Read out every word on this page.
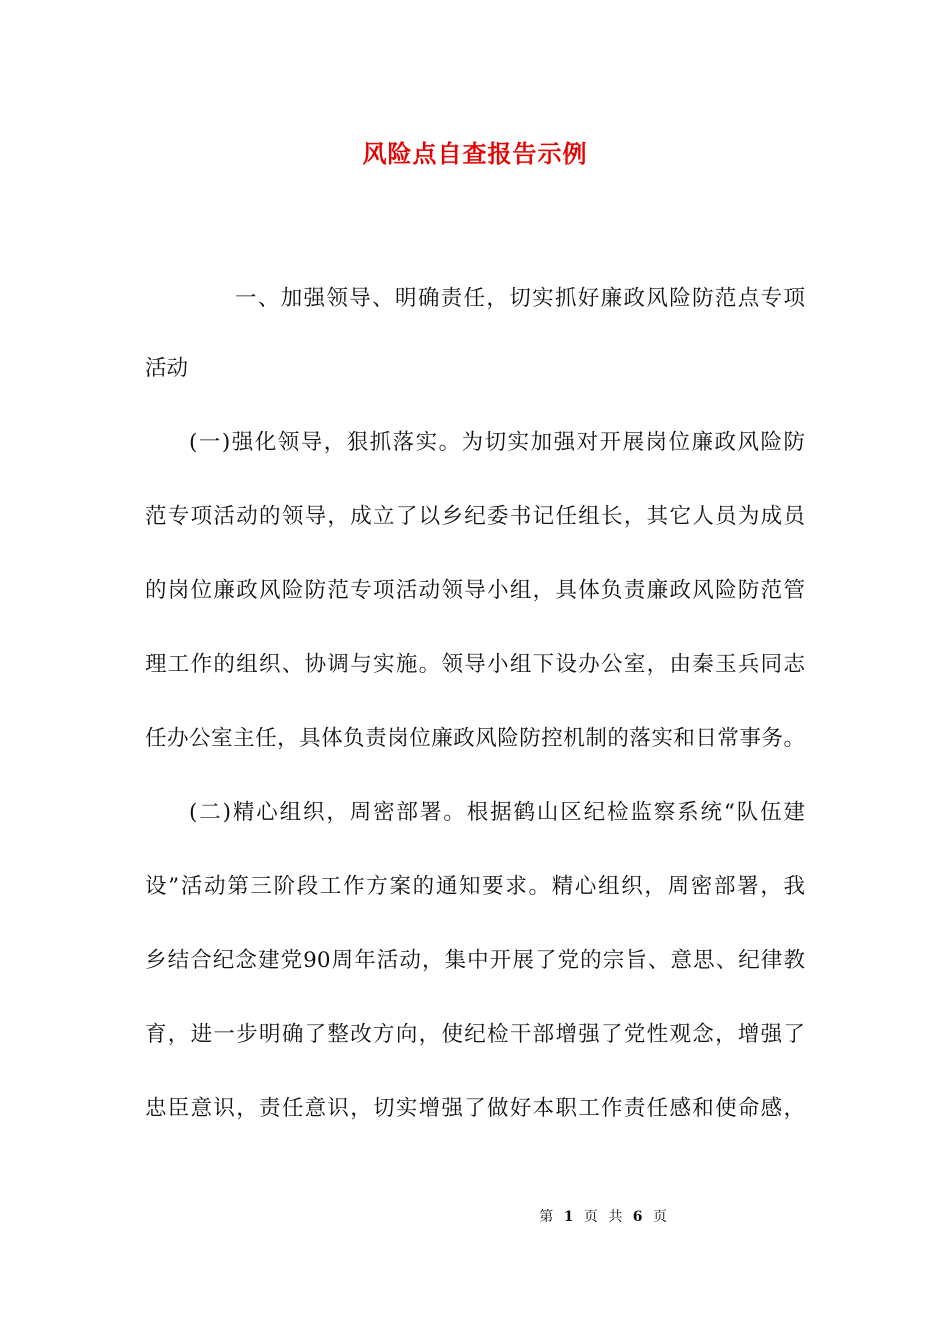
风险点自查报告示例
一、加强领导、明确责任，切实抓好廉政风险防范点专项
活动
(一)强化领导，狠抓落实。为切实加强对开展岗位廉政风险防
范专项活动的领导，成立了以乡纪委书记任组长，其它人员为成员
的岗位廉政风险防范专项活动领导小组，具体负责廉政风险防范管
理工作的组织、协调与实施。领导小组下设办公室，由秦玉兵同志
任办公室主任，具体负责岗位廉政风险防控机制的落实和日常事务。
(二)精心组织，周密部署。根据鹤山区纪检监察系统“队伍建
设”活动第三阶段工作方案的通知要求。精心组织，周密部署，我
乡结合纪念建党90周年活动，集中开展了党的宗旨、意思、纪律教
育，进一步明确了整改方向，使纪检干部增强了党性观念，增强了
忠臣意识，责任意识，切实增强了做好本职工作责任感和使命感，
第 1 页 共 6 页
